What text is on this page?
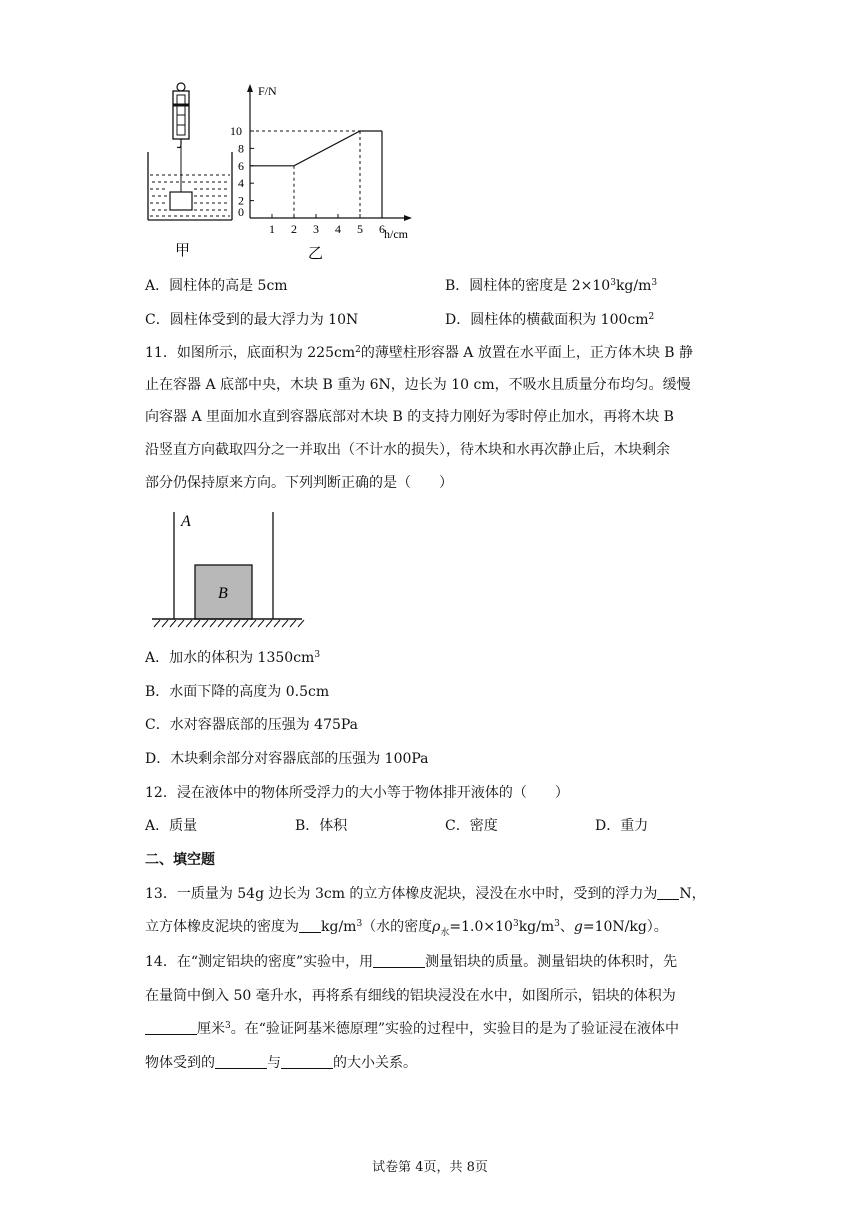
甲
F/N
h/cm
0
1 2 3 4 5 6
2
4
6
8
10
乙
A．圆柱体的高是 5cm	B．圆柱体的密度是 $2\times 10^3kg/m^3$
C．圆柱体受到的最大浮力为 10N	D．圆柱体的横截面积为 $100cm^2$
11．如图所示，底面积为 $225cm^2$的薄壁柱形容器 A 放置在水平面上，正方体木块 B 静
止在容器 A 底部中央，木块 B 重为 6N，边长为 10 cm，不吸水且质量分布均匀。缓慢
向容器 A 里面加水直到容器底部对木块 B 的支持力刚好为零时停止加水，再将木块 B
沿竖直方向截取四分之一并取出（不计水的损失），待木块和水再次静止后，木块剩余
部分仍保持原来方向。下列判断正确的是（　　）
A
B
A．加水的体积为 $1350cm^3$
B．水面下降的高度为 0.5cm
C．水对容器底部的压强为 475Pa
D．木块剩余部分对容器底部的压强为 100Pa
12．浸在液体中的物体所受浮力的大小等于物体排开液体的（　　）
A．质量	B．体积	C．密度	D．重力
二、填空题
13．一质量为 54g 边长为 3cm 的立方体橡皮泥块，浸没在水中时，受到的浮力为 N，
立方体橡皮泥块的密度为 $kg/m^3$（水的密度$\rho_水=1.0\times 10^3kg/m^3$、g=10N/kg）。
14．在“测定铝块的密度”实验中，用	测量铝块的质量。测量铝块的体积时，先
在量筒中倒入 50 毫升水，再将系有细线的铝块浸没在水中，如图所示，铝块的体积为
厘米$^3$。在“验证阿基米德原理”实验的过程中，实验目的是为了验证浸在液体中
物体受到的	与	的大小关系。
试卷第 4页，共 8页
